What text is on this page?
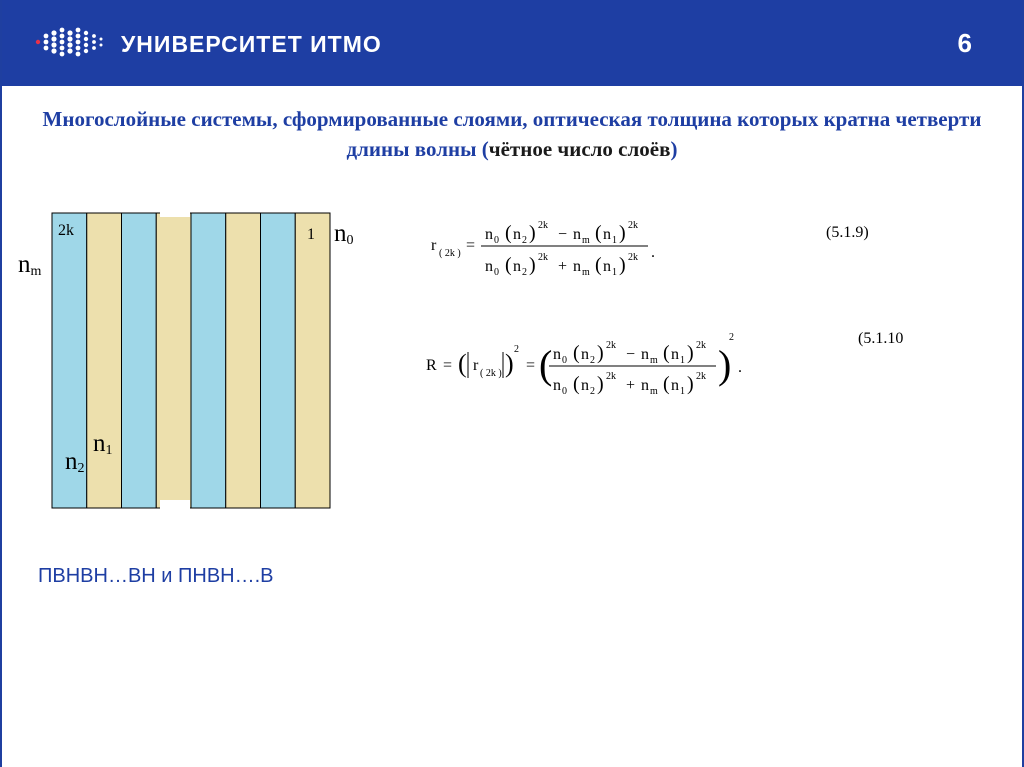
УНИВЕРСИТЕТ ИТМО	6
Многослойные системы, сформированные слоями, оптическая толщина которых кратна четверти длины волны (чётное число слоёв)
2k	1
$n_m$
$n_0$
$n_1$
$n_2$
r ( 2k ) =
n 0 ( n 2 ) 2k
− n m ( n 1 ) 2k
n 0 ( n 2 ) 2k
+ n m ( n 1 ) 2k .
(5.1.9)
R = ( r ( 2k ) ) 2
= ( n 0 ( n 2 ) 2k
− n m ( n 1 ) 2k
n 0 ( n 2 ) 2k
+ n m ( n 1 ) 2k )
2
.
(5.1.10
ПВНВН…ВН и ПНВН….В
